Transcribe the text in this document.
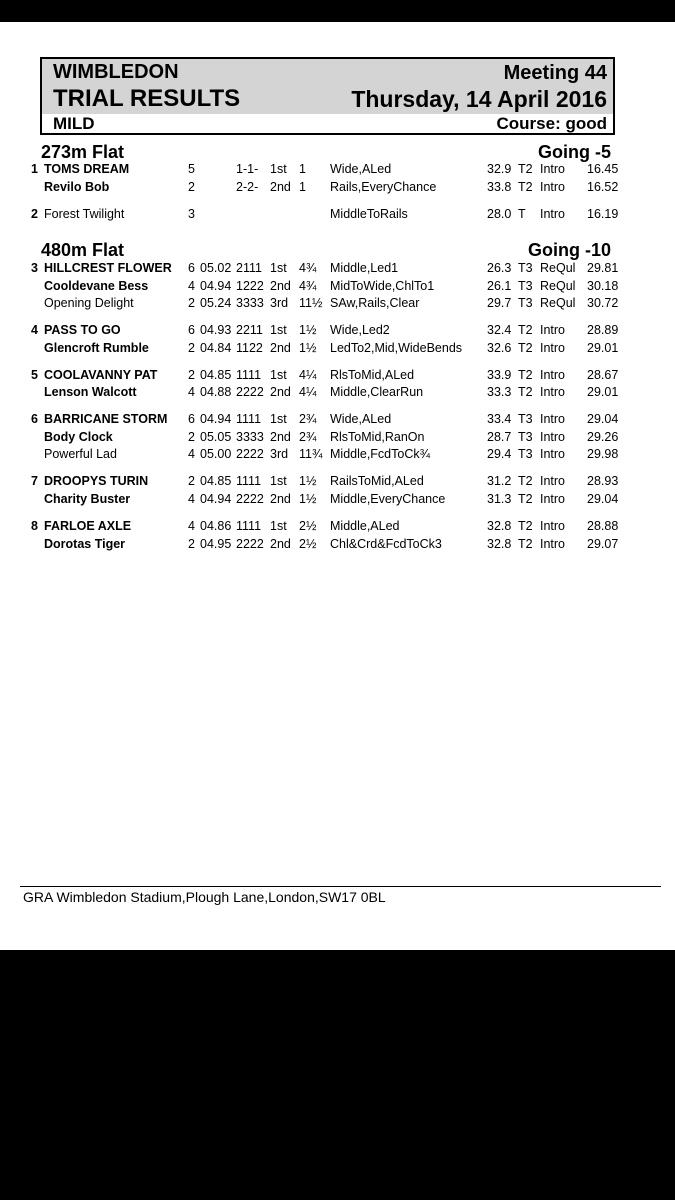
WIMBLEDON
TRIAL RESULTS
Meeting 44
Thursday, 14 April 2016
MILD	Course: good
273m Flat	Going -5
1 TOMS DREAM	5	1-1- 1st 1 Wide,ALed	32.9 T2 Intro 16.45
Revilo Bob	2	2-2- 2nd 1 Rails,EveryChance	33.8 T2 Intro 16.52
2 Forest Twilight	3	MiddleToRails	28.0 T Intro 16.19
480m Flat	Going -10
3 HILLCREST FLOWER 6 05.02 2111 1st 4¾ Middle,Led1	26.3 T3 ReQul 29.81
Cooldevane Bess	4 04.94 1222 2nd 4¾ MidToWide,ChlTo1	26.1 T3 ReQul 30.18
Opening Delight	2 05.24 3333 3rd 11½ SAw,Rails,Clear	29.7 T3 ReQul 30.72
4 PASS TO GO	6 04.93 2211 1st 1½ Wide,Led2	32.4 T2 Intro 28.89
Glencroft Rumble	2 04.84 1122 2nd 1½ LedTo2,Mid,WideBends 32.6 T2 Intro 29.01
5 COOLAVANNY PAT 2 04.85 1111 1st 4¼ RlsToMid,ALed	33.9 T2 Intro 28.67
Lenson Walcott	4 04.88 2222 2nd 4¼ Middle,ClearRun	33.3 T2 Intro 29.01
6 BARRICANE STORM 6 04.94 1111 1st 2¾ Wide,ALed	33.4 T3 Intro 29.04
Body Clock	2 05.05 3333 2nd 2¾ RlsToMid,RanOn	28.7 T3 Intro 29.26
Powerful Lad	4 05.00 2222 3rd 11¾ Middle,FcdToCk¾	29.4 T3 Intro 29.98
7 DROOPYS TURIN	2 04.85 1111 1st 1½ RailsToMid,ALed	31.2 T2 Intro 28.93
Charity Buster	4 04.94 2222 2nd 1½ Middle,EveryChance	31.3 T2 Intro 29.04
8 FARLOE AXLE	4 04.86 1111 1st 2½ Middle,ALed	32.8 T2 Intro 28.88
Dorotas Tiger	2 04.95 2222 2nd 2½ Chl&Crd&FcdToCk3	32.8 T2 Intro 29.07
GRA Wimbledon Stadium,Plough Lane,London,SW17 0BL
